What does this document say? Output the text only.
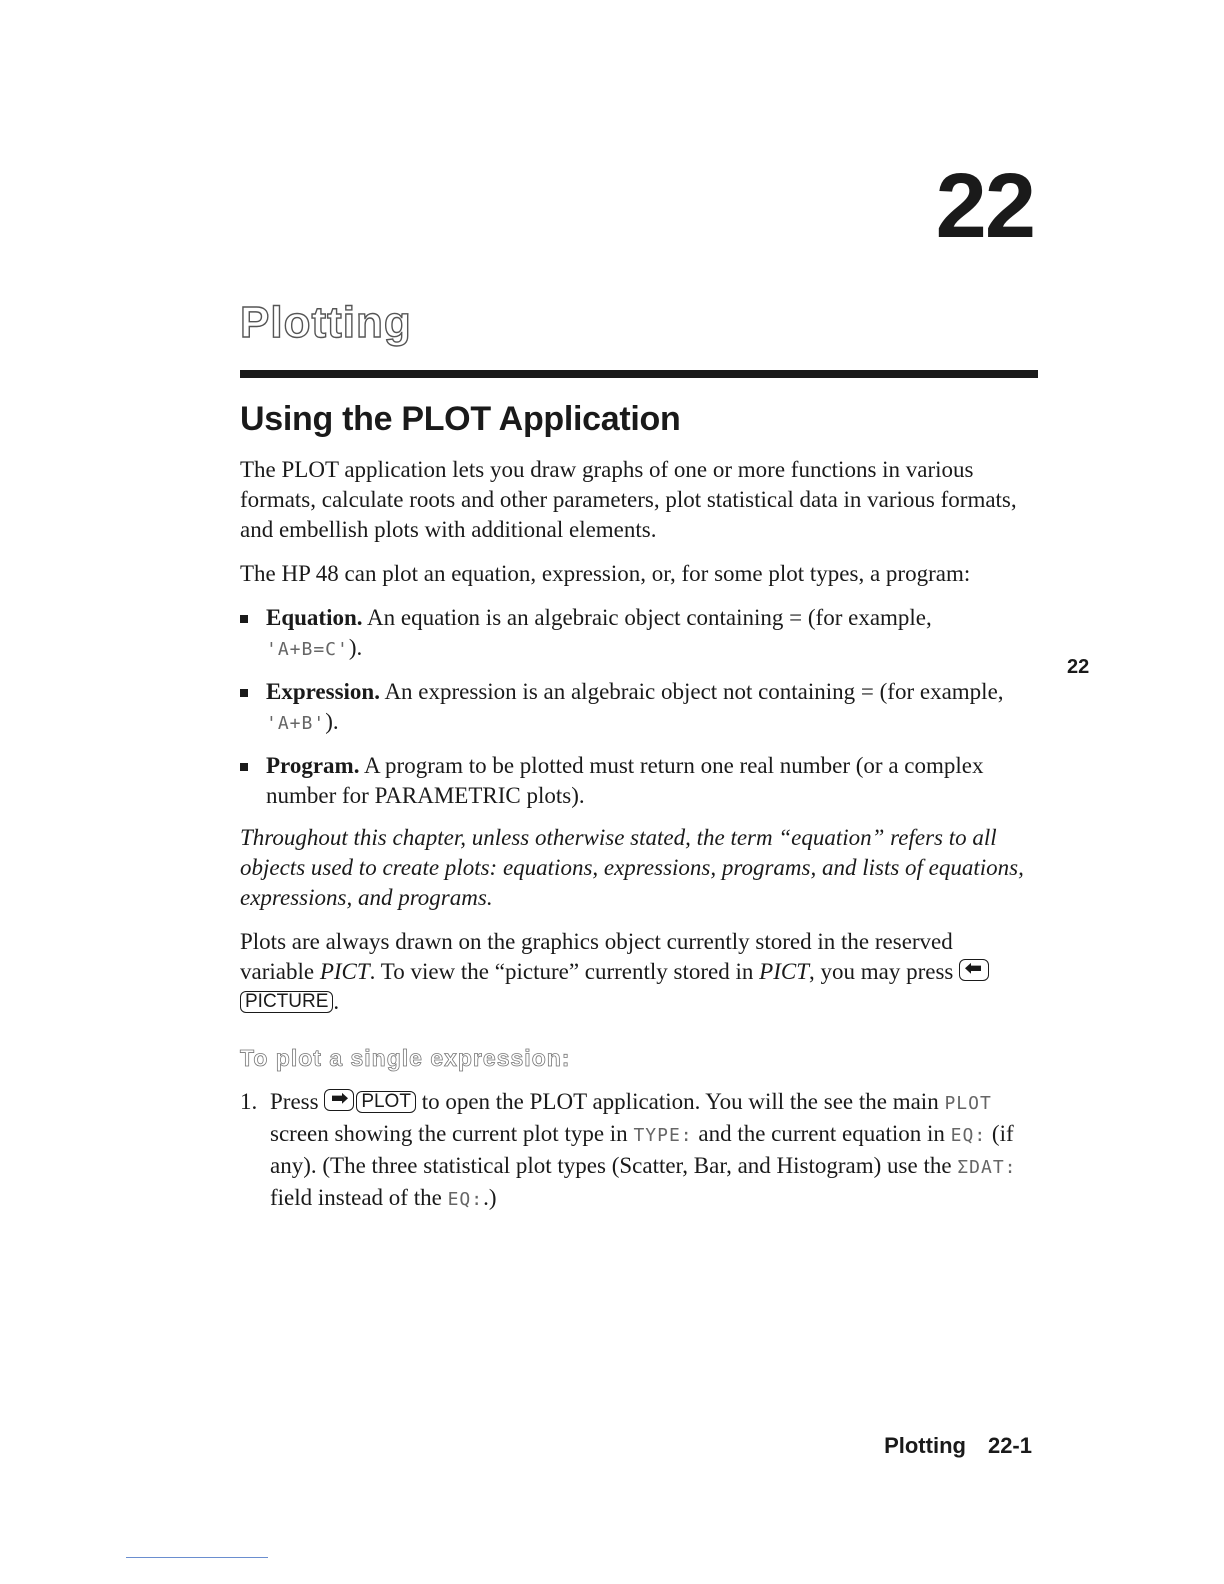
22
Plotting
Using the PLOT Application

The PLOT application lets you draw graphs of one or more functions in various formats, calculate roots and other parameters, plot statistical data in various formats, and embellish plots with additional elements.

The HP 48 can plot an equation, expression, or, for some plot types, a program:

Equation. An equation is an algebraic object containing = (for example, 'A+B=C').
Expression. An expression is an algebraic object not containing = (for example, 'A+B').
Program. A program to be plotted must return one real number (or a complex number for PARAMETRIC plots).

Throughout this chapter, unless otherwise stated, the term “equation” refers to all objects used to create plots: equations, expressions, programs, and lists of equations, expressions, and programs.

Plots are always drawn on the graphics object currently stored in the reserved variable PICT. To view the “picture” currently stored in PICT, you may press
PICTURE .

To plot a single expression:
1. Press
PLOT to open the PLOT application. You will the see the main PLOT screen showing the current plot type in TYPE: and the current equation in EQ: (if any). (The three statistical plot types (Scatter, Bar, and Histogram) use the ΣDAT: field instead of the EQ:.)
22
Plotting 22-1
